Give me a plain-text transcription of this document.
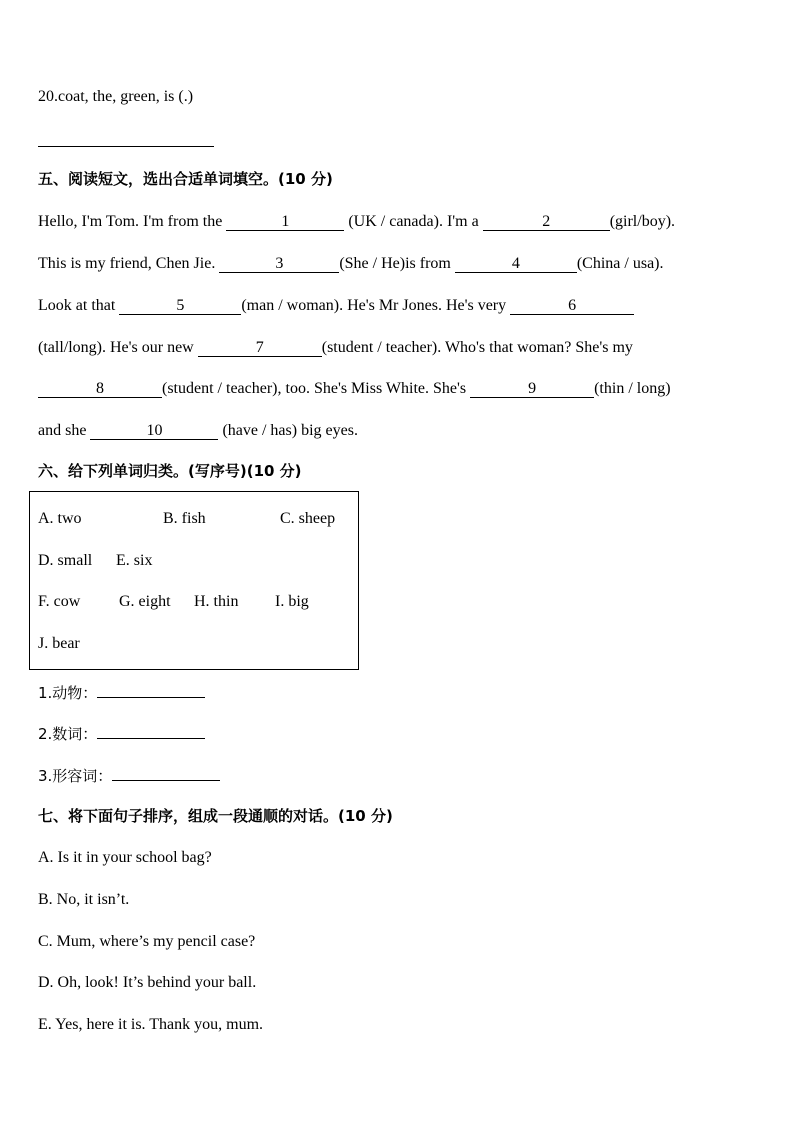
20.coat, the, green, is (.)
五、阅读短文，选出合适单词填空。(10 分)
Hello, I'm Tom. I'm from the	1	(UK / canada). I'm a	2	(girl/boy).
This is my friend, Chen Jie.	3	(She / He)is from	4	(China / usa).
Look at that	5	(man / woman). He's Mr Jones. He's very	6
(tall/long). He's our new	7	(student / teacher). Who's that woman? She's my
8	(student / teacher), too. She's Miss White. She's	9	(thin / long)
and she	10	(have / has) big eyes.
六、给下列单词归类。(写序号)(10 分)
A. two	B. fish	C. sheep
D. small E. six
F. cow G. eight H. thin I. big
J. bear
1.动物：
2.数词：
3.形容词：
七、将下面句子排序，组成一段通顺的对话。(10 分)
A. Is it in your school bag?
B. No, it isn’t.
C. Mum, where’s my pencil case?
D. Oh, look! It’s behind your ball.
E. Yes, here it is. Thank you, mum.
